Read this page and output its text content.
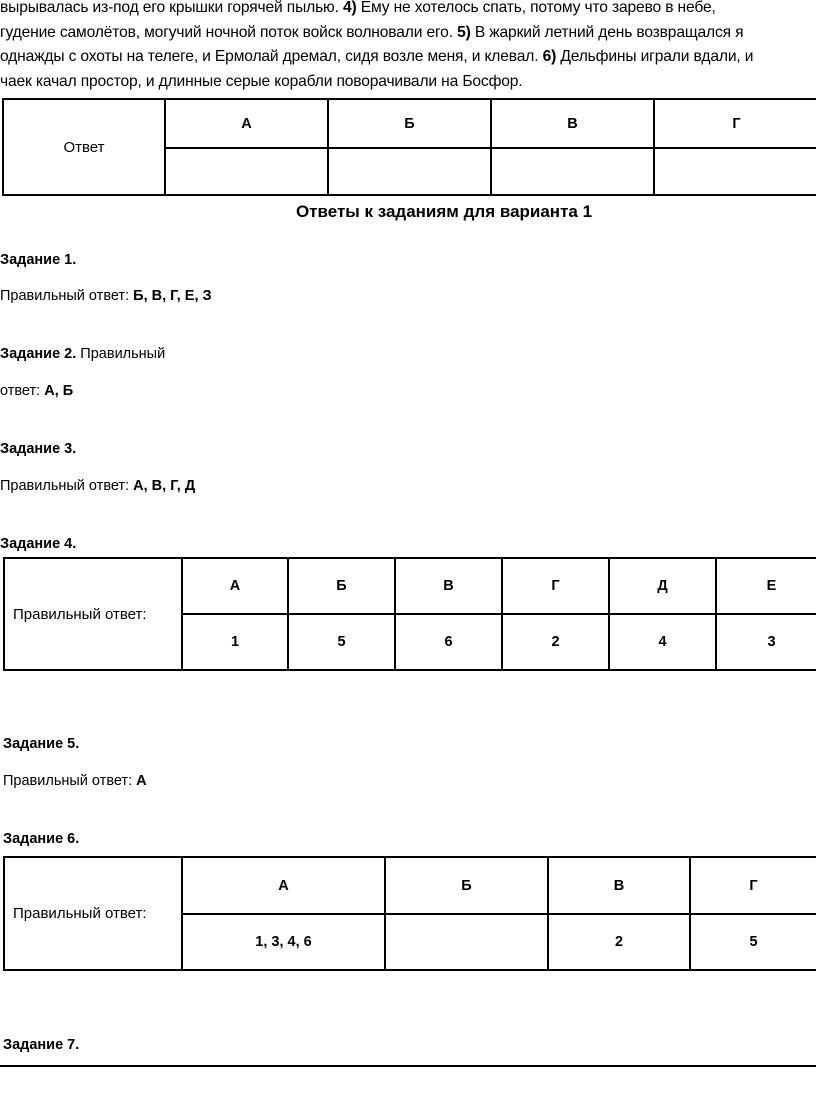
вырывалась из-под его крышки горячей пылью. 4) Ему не хотелось спать, потому что зарево в небе,

гудение самолётов, могучий ночной поток войск волновали его. 5) В жаркий летний день возвращался я

однажды с охоты на телеге, и Ермолай дремал, сидя возле меня, и клевал. 6) Дельфины играли вдали, и

чаек качал простор, и длинные серые корабли поворачивали на Босфор.

Ответ	А	Б	В	Г

Ответы к заданиям для варианта 1
Задание 1.
Правильный ответ: Б, В, Г, Е, З
Задание 2. Правильный
ответ: А, Б
Задание 3.
Правильный ответ: А, В, Г, Д
Задание 4.
Правильный ответ:	А	Б	В	Г	Д	Е
	1	5	6	2	4	3
Задание 5.
Правильный ответ: А
Задание 6.
Правильный ответ:	А	Б	В	Г
	1, 3, 4, 6		2	5
Задание 7.
